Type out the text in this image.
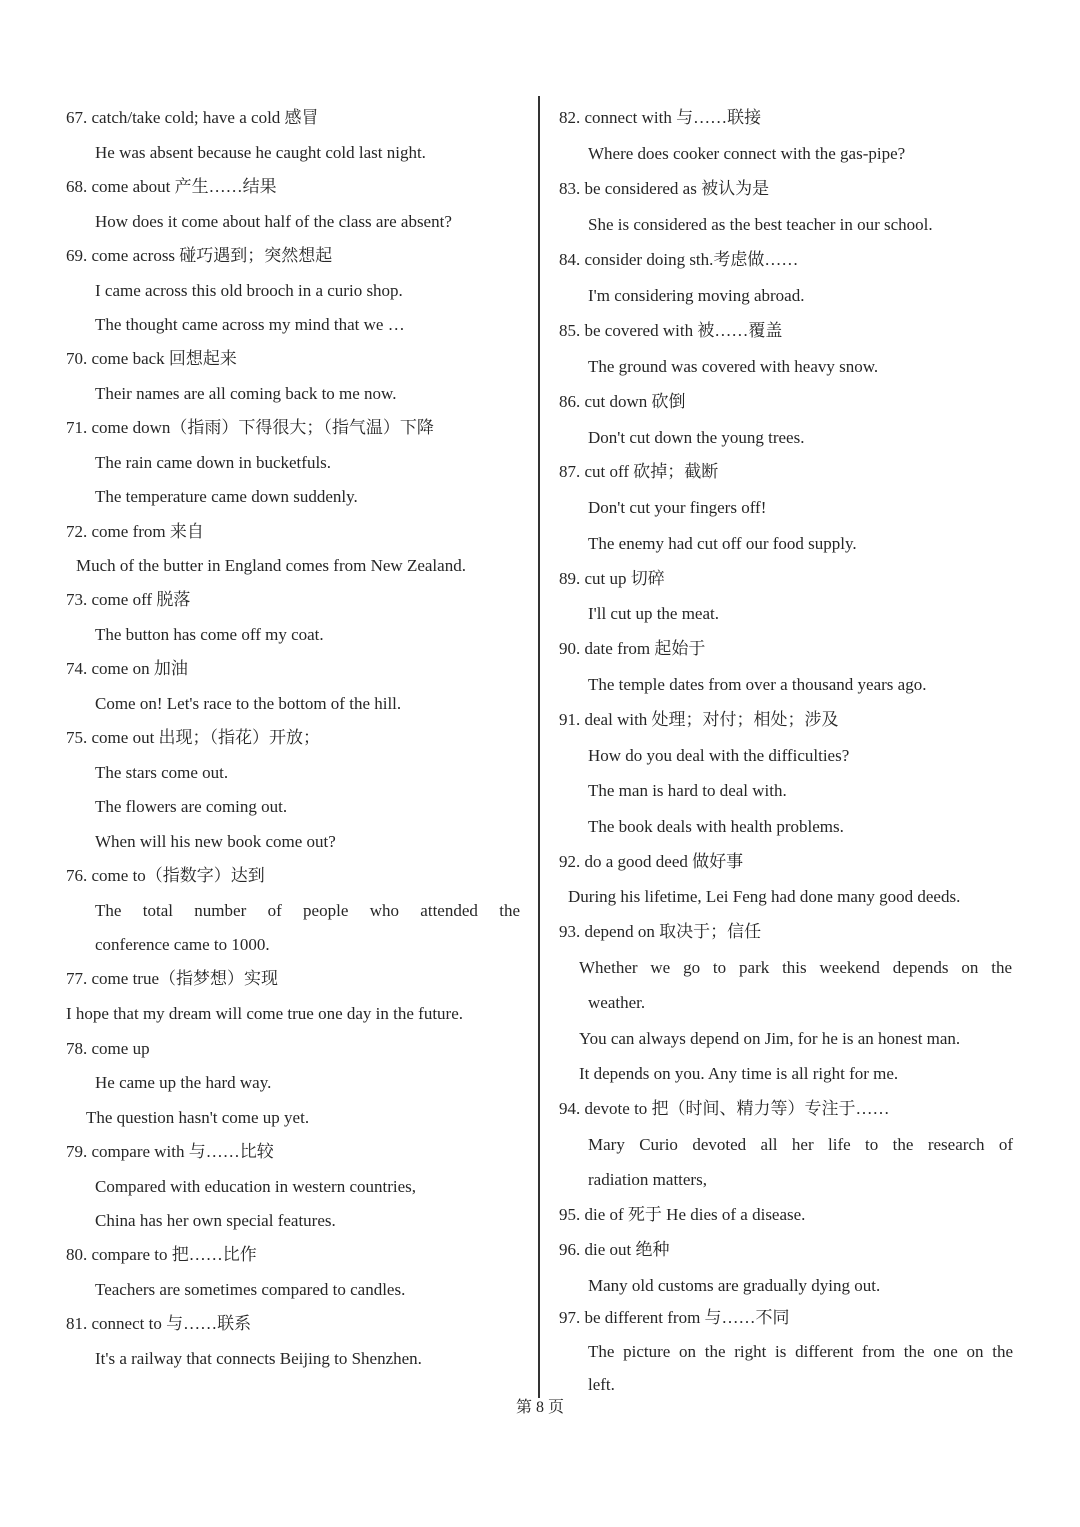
67. catch/take cold; have a cold 感冒
He was absent because he caught cold last night.
68. come about 产生……结果
How does it come about half of the class are absent?
69. come across 碰巧遇到；突然想起
I came across this old brooch in a curio shop.
The thought came across my mind that we …
70. come back 回想起来
Their names are all coming back to me now.
71. come down（指雨）下得很大；（指气温）下降
The rain came down in bucketfuls.
The temperature came down suddenly.
72. come from 来自
Much of the butter in England comes from New Zealand.
73. come off 脱落
The button has come off my coat.
74. come on 加油
Come on! Let's race to the bottom of the hill.
75. come out 出现；（指花）开放；
The stars come out.
The flowers are coming out.
When will his new book come out?
76. come to（指数字）达到
The total number of people who attended the
conference came to 1000.
77. come true（指梦想）实现
I hope that my dream will come true one day in the future.
78. come up
He came up the hard way.
The question hasn't come up yet.
79. compare with 与……比较
Compared with education in western countries,
China has her own special features.
80. compare to 把……比作
Teachers are sometimes compared to candles.
81. connect to 与……联系
It's a railway that connects Beijing to Shenzhen.
82. connect with 与……联接
Where does cooker connect with the gas-pipe?
83. be considered as 被认为是
She is considered as the best teacher in our school.
84. consider doing sth.考虑做……
I'm considering moving abroad.
85. be covered with 被……覆盖
The ground was covered with heavy snow.
86. cut down 砍倒
Don't cut down the young trees.
87. cut off 砍掉；截断
Don't cut your fingers off!
The enemy had cut off our food supply.
89. cut up 切碎
I'll cut up the meat.
90. date from 起始于
The temple dates from over a thousand years ago.
91. deal with 处理；对付；相处；涉及
How do you deal with the difficulties?
The man is hard to deal with.
The book deals with health problems.
92. do a good deed 做好事
During his lifetime, Lei Feng had done many good deeds.
93. depend on 取决于；信任
Whether we go to park this weekend depends on the
weather.
You can always depend on Jim, for he is an honest man.
It depends on you. Any time is all right for me.
94. devote to 把（时间、精力等）专注于……
Mary Curio devoted all her life to the research of
radiation matters,
95. die of 死于 He dies of a disease.
96. die out 绝种
Many old customs are gradually dying out.
97. be different from 与……不同
The picture on the right is different from the one on the
left.
第 8 页
